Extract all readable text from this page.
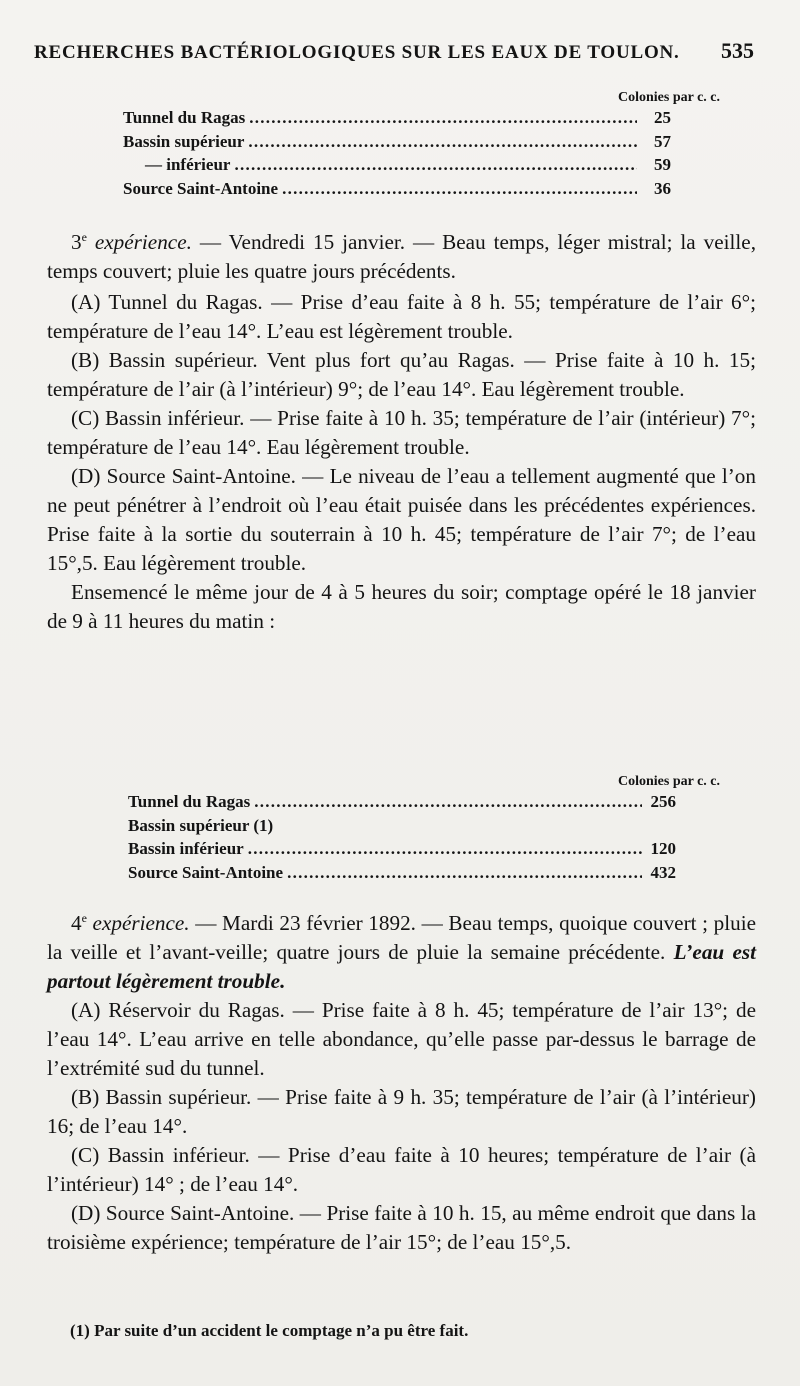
RECHERCHES BACTÉRIOLOGIQUES SUR LES EAUX DE TOULON. 535
Colonies par c. c.
Tunnel du Ragas . . .	25
Bassin supérieur . . .	57
— inférieur . . .	59
Source Saint-Antoine . . .	36

3e expérience. — Vendredi 15 janvier. — Beau temps, léger mistral; la veille, temps couvert; pluie les quatre jours précédents.

(A) Tunnel du Ragas. — Prise d’eau faite à 8 h. 55; température de l’air 6°; température de l’eau 14°. L’eau est légèrement trouble.

(B) Bassin supérieur. Vent plus fort qu’au Ragas. — Prise faite à 10 h. 15; température de l’air (à l’intérieur) 9°; de l’eau 14°. Eau légèrement trouble.

(C) Bassin inférieur. — Prise faite à 10 h. 35; température de l’air (intérieur) 7°; température de l’eau 14°. Eau légèrement trouble.

(D) Source Saint-Antoine. — Le niveau de l’eau a tellement augmenté que l’on ne peut pénétrer à l’endroit où l’eau était puisée dans les précédentes expériences. Prise faite à la sortie du souterrain à 10 h. 45; température de l’air 7°; de l’eau 15°,5. Eau légèrement trouble.

Ensemencé le même jour de 4 à 5 heures du soir; comptage opéré le 18 janvier de 9 à 11 heures du matin :

Colonies par c. c.
Tunnel du Ragas . . .	256
Bassin supérieur (1)
Bassin inférieur . . .	120
Source Saint-Antoine . . .	432

4e expérience. — Mardi 23 février 1892. — Beau temps, quoique couvert ; pluie la veille et l’avant-veille; quatre jours de pluie la semaine précédente. L’eau est partout légèrement trouble.

(A) Réservoir du Ragas. — Prise faite à 8 h. 45; température de l’air 13°; de l’eau 14°. L’eau arrive en telle abondance, qu’elle passe par-dessus le barrage de l’extrémité sud du tunnel.

(B) Bassin supérieur. — Prise faite à 9 h. 35; température de l’air (à l’intérieur) 16; de l’eau 14°.

(C) Bassin inférieur. — Prise d’eau faite à 10 heures; température de l’air (à l’intérieur) 14° ; de l’eau 14°.

(D) Source Saint-Antoine. — Prise faite à 10 h. 15, au même endroit que dans la troisième expérience; température de l’air 15°; de l’eau 15°,5.

(1) Par suite d’un accident le comptage n’a pu être fait.
